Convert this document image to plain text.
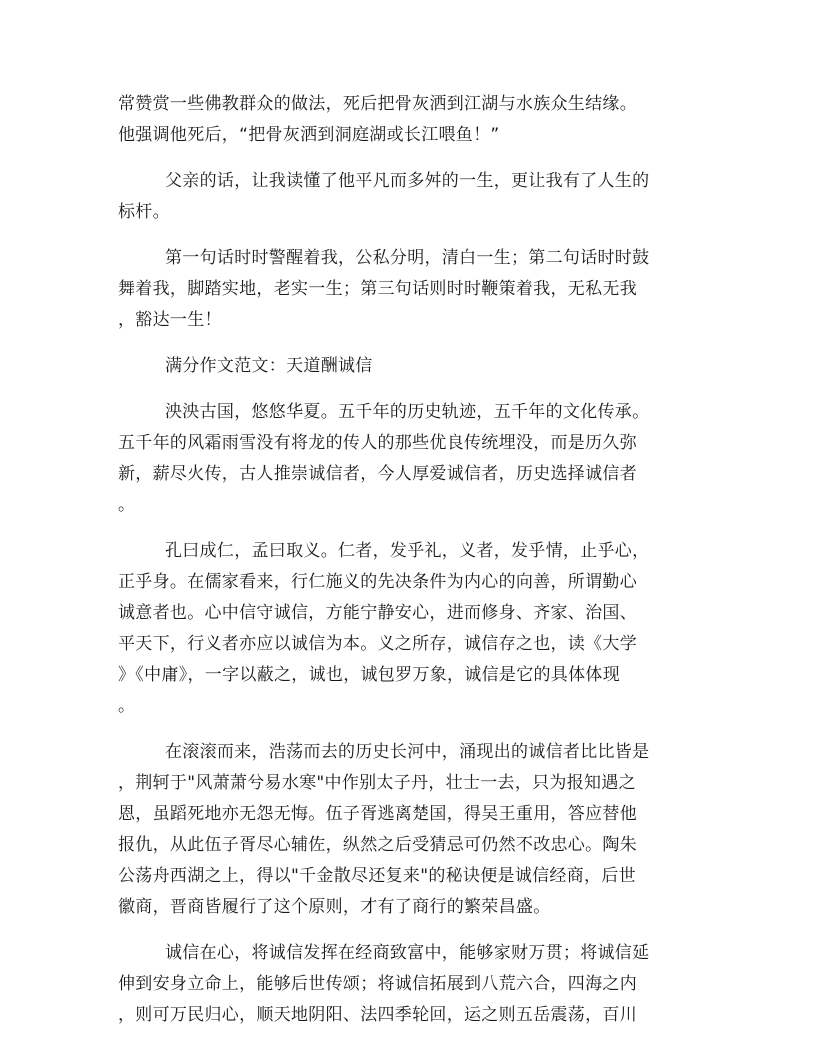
常赞赏一些佛教群众的做法，死后把骨灰洒到江湖与水族众生结缘。
他强调他死后，“把骨灰洒到洞庭湖或长江喂鱼！”

父亲的话，让我读懂了他平凡而多舛的一生，更让我有了人生的
标杆。

第一句话时时警醒着我，公私分明，清白一生；第二句话时时鼓
舞着我，脚踏实地，老实一生；第三句话则时时鞭策着我，无私无我
，豁达一生！

满分作文范文：天道酬诚信

泱泱古国，悠悠华夏。五千年的历史轨迹，五千年的文化传承。
五千年的风霜雨雪没有将龙的传人的那些优良传统埋没，而是历久弥
新，薪尽火传，古人推崇诚信者，今人厚爱诚信者，历史选择诚信者
。

孔曰成仁，孟曰取义。仁者，发乎礼，义者，发乎情，止乎心，
正乎身。在儒家看来，行仁施义的先决条件为内心的向善，所谓勤心
诚意者也。心中信守诚信，方能宁静安心，进而修身、齐家、治国、
平天下，行义者亦应以诚信为本。义之所存，诚信存之也，读《大学
》《中庸》，一字以蔽之，诚也，诚包罗万象，诚信是它的具体体现
。

在滚滚而来，浩荡而去的历史长河中，涌现出的诚信者比比皆是
，荆轲于"风萧萧兮易水寒"中作别太子丹，壮士一去，只为报知遇之
恩，虽蹈死地亦无怨无悔。伍子胥逃离楚国，得吴王重用，答应替他
报仇，从此伍子胥尽心辅佐，纵然之后受猜忌可仍然不改忠心。陶朱
公荡舟西湖之上，得以"千金散尽还复来"的秘诀便是诚信经商，后世
徽商，晋商皆履行了这个原则，才有了商行的繁荣昌盛。

诚信在心，将诚信发挥在经商致富中，能够家财万贯；将诚信延
伸到安身立命上，能够后世传颂；将诚信拓展到八荒六合，四海之内
，则可万民归心，顺天地阴阳、法四季轮回，运之则五岳震荡，百川
